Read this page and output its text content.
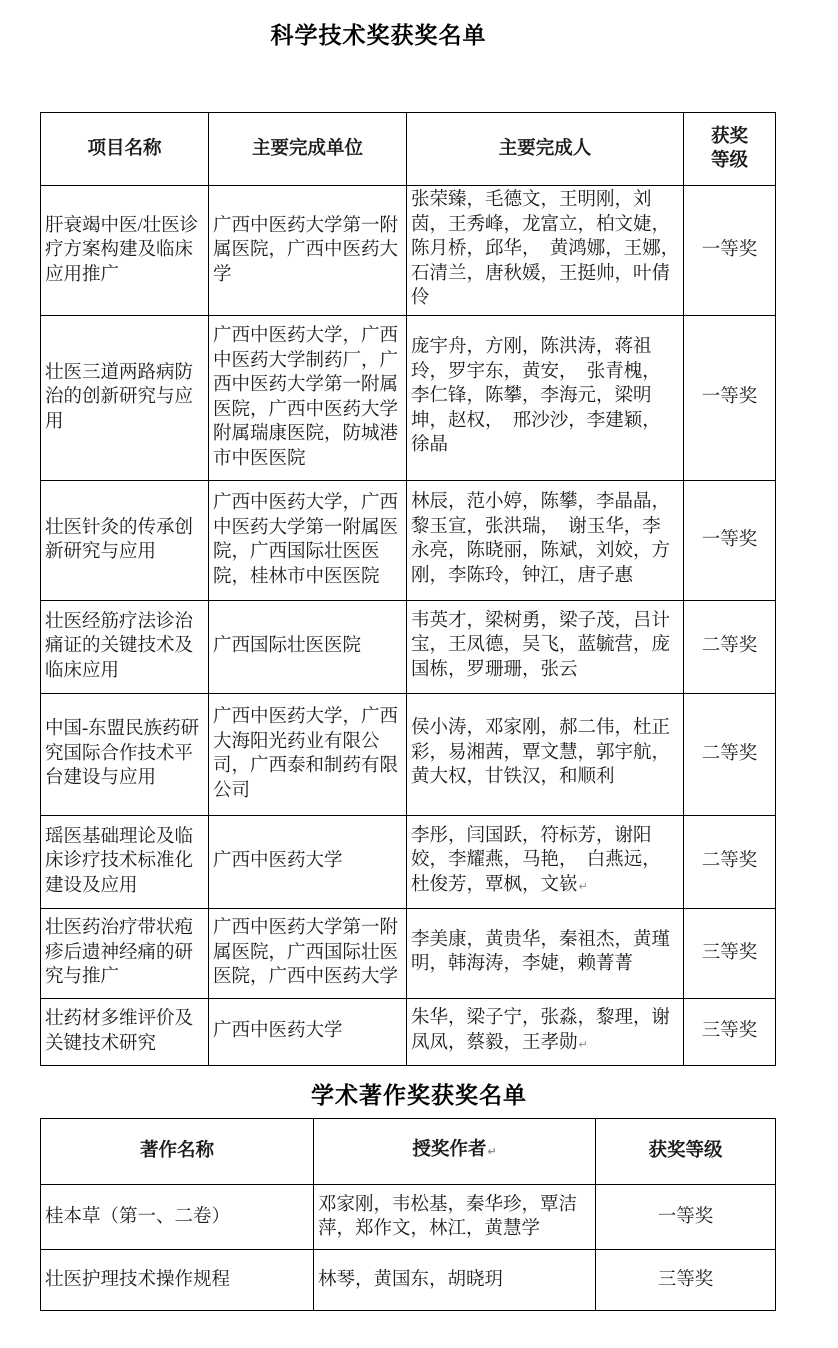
科学技术奖获奖名单
项目名称	主要完成单位	主要完成人	获奖等级
肝衰竭中医/壮医诊疗方案构建及临床应用推广	广西中医药大学第一附属医院，广西中医药大学	张荣臻，毛德文，王明刚，刘茵，王秀峰，龙富立，柏文婕，陈月桥，邱华，　黄鸿娜，王娜，　石清兰，唐秋媛，王挺帅，叶倩伶	一等奖
壮医三道两路病防治的创新研究与应用	广西中医药大学，广西中医药大学制药厂，广西中医药大学第一附属医院，广西中医药大学附属瑞康医院，防城港市中医医院	庞宇舟，方刚，陈洪涛，蒋祖玲，罗宇东，黄安，　张青槐，李仁锋，陈攀，李海元，梁明坤，赵权，　邢沙沙，李建颖，徐晶	一等奖
壮医针灸的传承创新研究与应用	广西中医药大学，广西中医药大学第一附属医院，广西国际壮医医院，桂林市中医医院	林辰，范小婷，陈攀，李晶晶，黎玉宣，张洪瑞，　谢玉华，李永亮，陈晓丽，陈斌，刘姣，方刚，李陈玲，钟江，唐子惠	一等奖
壮医经筋疗法诊治痛证的关键技术及临床应用	广西国际壮医医院	韦英才，梁树勇，梁子茂，吕计宝，王凤德，吴飞，蓝毓营，庞国栋，罗珊珊，张云	二等奖
中国-东盟民族药研究国际合作技术平台建设与应用	广西中医药大学，广西大海阳光药业有限公司，广西泰和制药有限公司	侯小涛，邓家刚，郝二伟，杜正彩，易湘茜，覃文慧，郭宇航，黄大权，甘铁汉，和顺利	二等奖
瑶医基础理论及临床诊疗技术标准化建设及应用	广西中医药大学	李彤，闫国跃，符标芳，谢阳姣，李耀燕，马艳，　白燕远，杜俊芳，覃枫，文嵚↵	二等奖
壮医药治疗带状疱疹后遗神经痛的研究与推广	广西中医药大学第一附属医院，广西国际壮医医院，广西中医药大学	李美康，黄贵华，秦祖杰，黄瑾明，韩海涛，李婕，赖菁菁	三等奖
壮药材多维评价及关键技术研究	广西中医药大学	朱华，梁子宁，张淼，黎理，谢凤凤，蔡毅，王孝勋↵	三等奖
学术著作奖获奖名单
著作名称	授奖作者↵	获奖等级
桂本草（第一、二卷）	邓家刚，韦松基，秦华珍，覃洁萍，郑作文，林江，黄慧学	一等奖
壮医护理技术操作规程	林琴，黄国东，胡晓玥	三等奖
